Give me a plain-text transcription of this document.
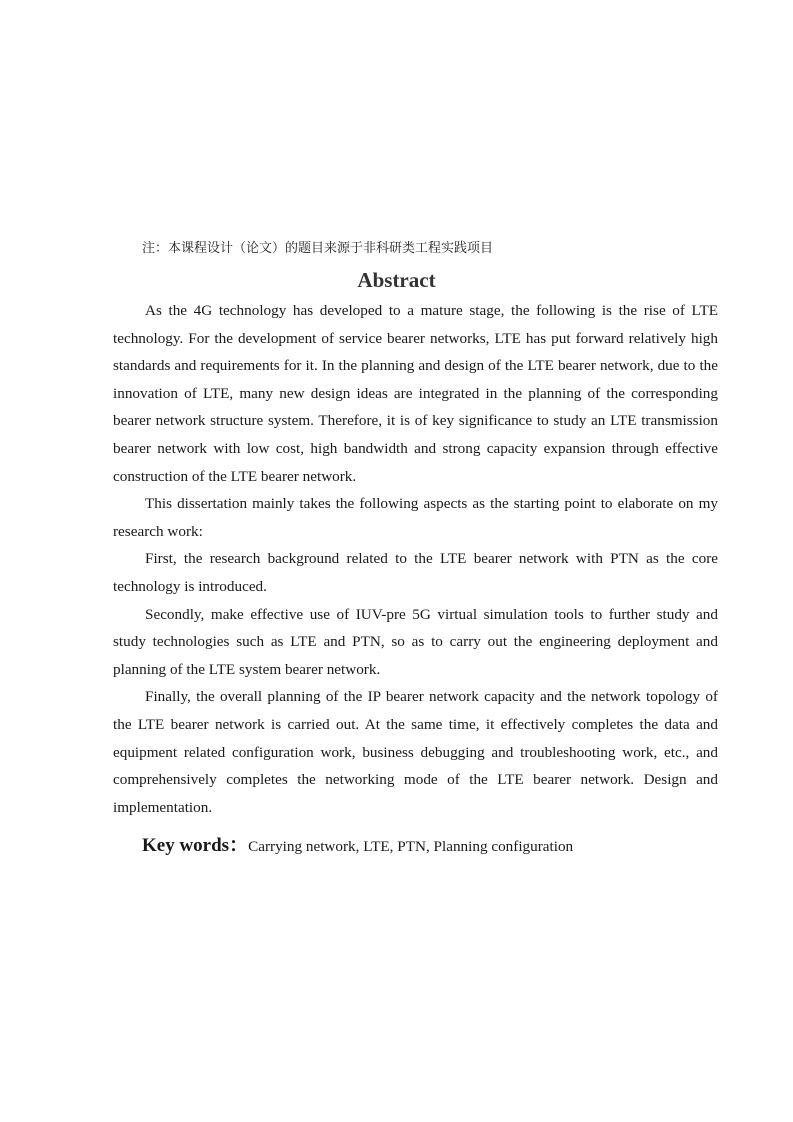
注：本课程设计（论文）的题目来源于非科研类工程实践项目
Abstract

As the 4G technology has developed to a mature stage, the following is the rise of LTE technology. For the development of service bearer networks, LTE has put forward relatively high standards and requirements for it. In the planning and design of the LTE bearer network, due to the innovation of LTE, many new design ideas are integrated in the planning of the corresponding bearer network structure system. Therefore, it is of key significance to study an LTE transmission bearer network with low cost, high bandwidth and strong capacity expansion through effective construction of the LTE bearer network.

This dissertation mainly takes the following aspects as the starting point to elaborate on my research work:

First, the research background related to the LTE bearer network with PTN as the core technology is introduced.

Secondly, make effective use of IUV-pre 5G virtual simulation tools to further study and study technologies such as LTE and PTN, so as to carry out the engineering deployment and planning of the LTE system bearer network.

Finally, the overall planning of the IP bearer network capacity and the network topology of the LTE bearer network is carried out. At the same time, it effectively completes the data and equipment related configuration work, business debugging and troubleshooting work, etc., and comprehensively completes the networking mode of the LTE bearer network. Design and implementation.

Key words：Carrying network, LTE, PTN, Planning configuration
